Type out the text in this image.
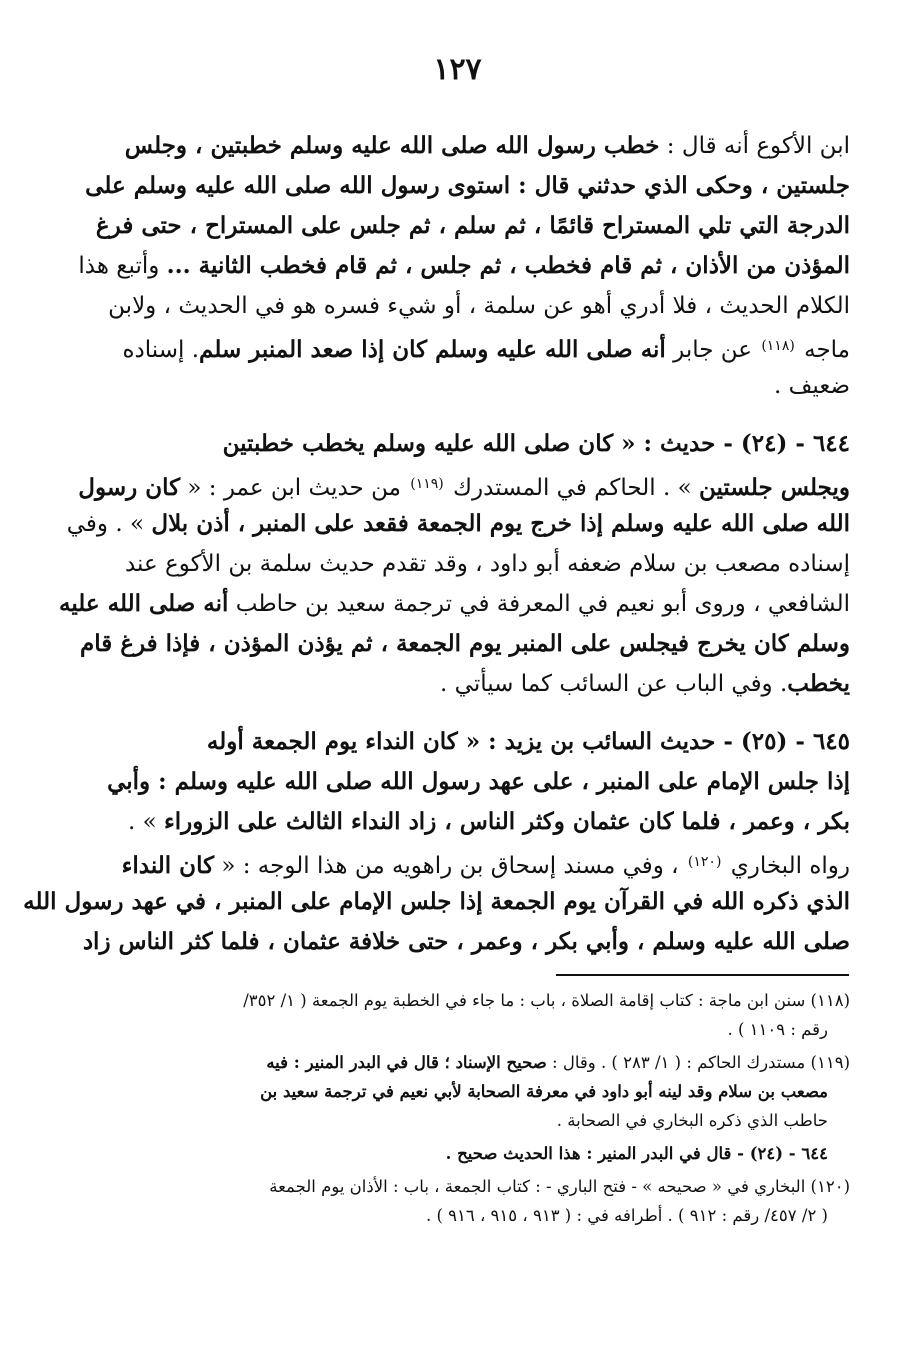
١٢٧
ابن الأكوع أنه قال : خطب رسول الله صلى الله عليه وسلم خطبتين ، وجلس
جلستين ، وحكى الذي حدثني قال : استوى رسول الله صلى الله عليه وسلم على
الدرجة التي تلي المستراح قائمًا ، ثم سلم ، ثم جلس على المستراح ، حتى فرغ
المؤذن من الأذان ، ثم قام فخطب ، ثم جلس ، ثم قام فخطب الثانية ... وأتبع هذا
الكلام الحديث ، فلا أدري أهو عن سلمة ، أو شيء فسره هو في الحديث ، ولابن
ماجه $^{(١١٨)}$ عن جابر أنه صلى الله عليه وسلم كان إذا صعد المنبر سلم. إسناده
ضعيف .
٦٤٤ - (٢٤) - حديث : « كان صلى الله عليه وسلم يخطب خطبتين
ويجلس جلستين » . الحاكم في المستدرك $^{(١١٩)}$ من حديث ابن عمر : « كان رسول
الله صلى الله عليه وسلم إذا خرج يوم الجمعة فقعد على المنبر ، أذن بلال » . وفي
إسناده مصعب بن سلام ضعفه أبو داود ، وقد تقدم حديث سلمة بن الأكوع عند
الشافعي ، وروى أبو نعيم في المعرفة في ترجمة سعيد بن حاطب أنه صلى الله عليه
وسلم كان يخرج فيجلس على المنبر يوم الجمعة ، ثم يؤذن المؤذن ، فإذا فرغ قام
يخطب. وفي الباب عن السائب كما سيأتي .
٦٤٥ - (٢٥) - حديث السائب بن يزيد : « كان النداء يوم الجمعة أوله
إذا جلس الإمام على المنبر ، على عهد رسول الله صلى الله عليه وسلم : وأبي
بكر ، وعمر ، فلما كان عثمان وكثر الناس ، زاد النداء الثالث على الزوراء » .
رواه البخاري $^{(١٢٠)}$ ، وفي مسند إسحاق بن راهويه من هذا الوجه : « كان النداء
الذي ذكره الله في القرآن يوم الجمعة إذا جلس الإمام على المنبر ، في عهد رسول الله
صلى الله عليه وسلم ، وأبي بكر ، وعمر ، حتى خلافة عثمان ، فلما كثر الناس زاد
(١١٨) سنن ابن ماجة : كتاب إقامة الصلاة ، باب : ما جاء في الخطبة يوم الجمعة ( ١/ ٣٥٢/
رقم : ١١٠٩ ) .
(١١٩) مستدرك الحاكم : ( ١/ ٢٨٣ ) . وقال : صحيح الإسناد ؛ قال في البدر المنير : فيه
مصعب بن سلام وقد لينه أبو داود في معرفة الصحابة لأبي نعيم في ترجمة سعيد بن
حاطب الذي ذكره البخاري في الصحابة .
٦٤٤ - (٢٤) - قال في البدر المنير : هذا الحديث صحيح .
(١٢٠) البخاري في « صحيحه » - فتح الباري - : كتاب الجمعة ، باب : الأذان يوم الجمعة
( ٢/ ٤٥٧/ رقم : ٩١٢ ) . أطرافه في : ( ٩١٣ ، ٩١٥ ، ٩١٦ ) .
